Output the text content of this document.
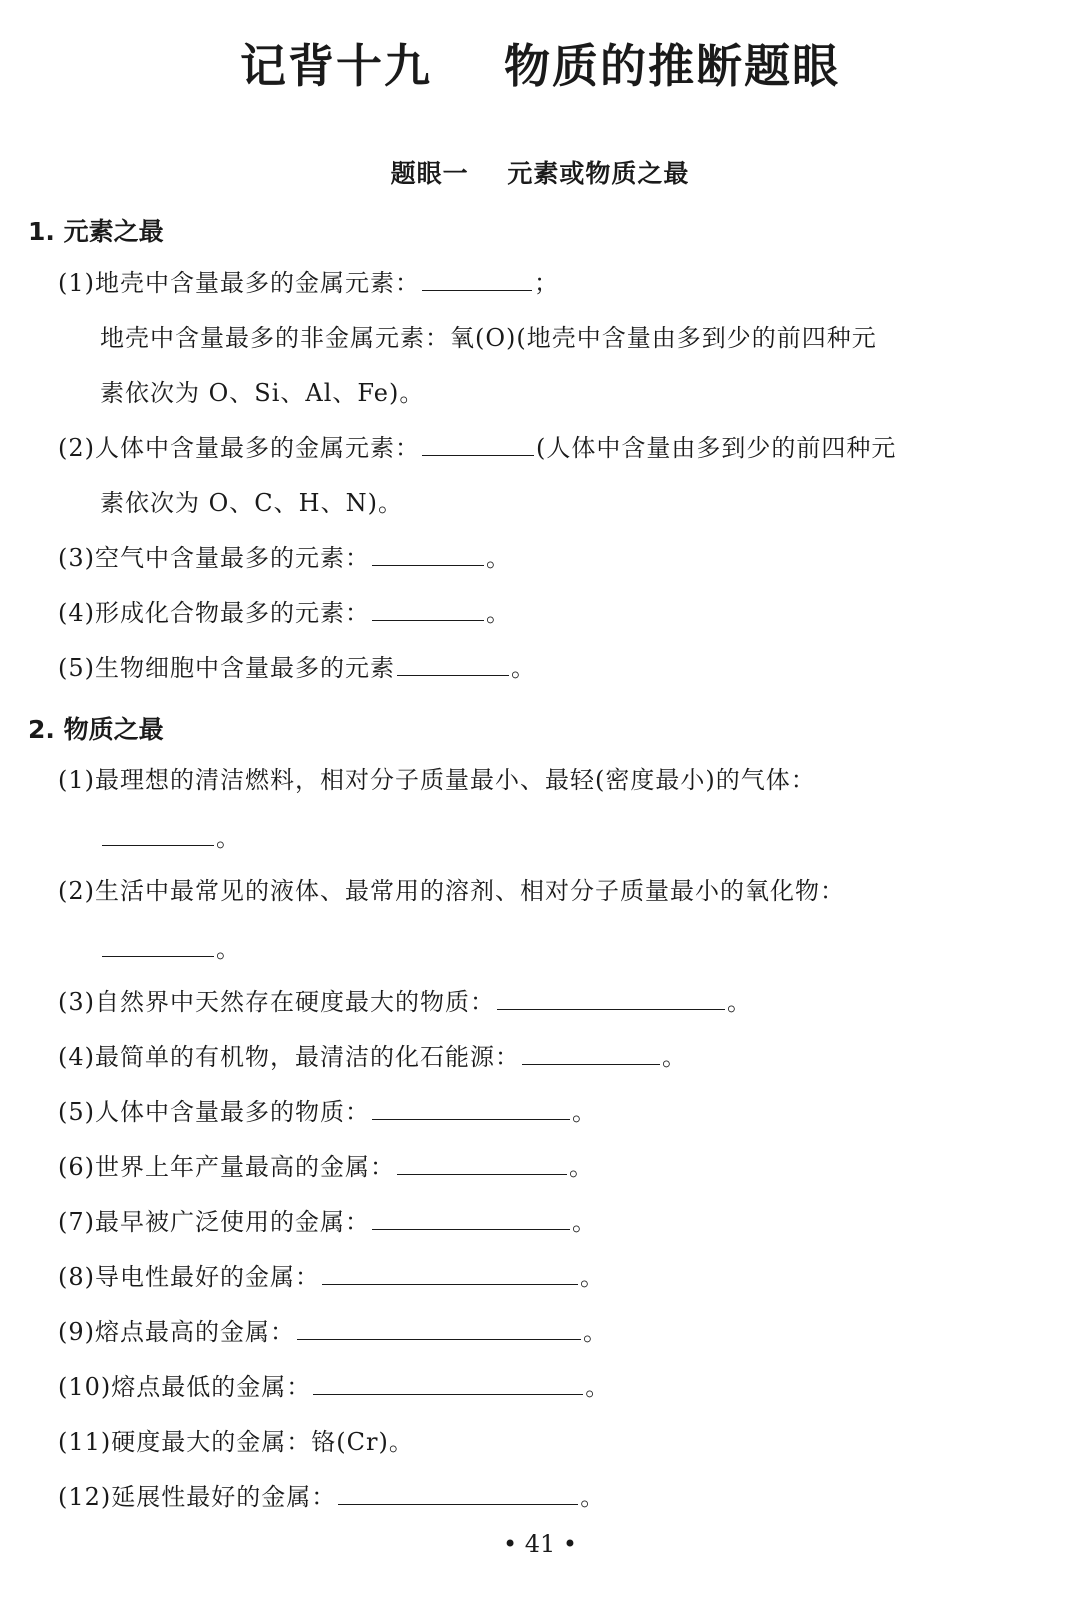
记背十九    物质的推断题眼
题眼一    元素或物质之最
1. 元素之最
(1)地壳中含量最多的金属元素：	；
地壳中含量最多的非金属元素：氧(O)(地壳中含量由多到少的前四种元
素依次为 O、Si、Al、Fe)。
(2)人体中含量最多的金属元素：	(人体中含量由多到少的前四种元
素依次为 O、C、H、N)。
(3)空气中含量最多的元素：	。
(4)形成化合物最多的元素：	。
(5)生物细胞中含量最多的元素	。
2. 物质之最
(1)最理想的清洁燃料，相对分子质量最小、最轻(密度最小)的气体：
。
(2)生活中最常见的液体、最常用的溶剂、相对分子质量最小的氧化物：
。
(3)自然界中天然存在硬度最大的物质：	。
(4)最简单的有机物，最清洁的化石能源：	。
(5)人体中含量最多的物质：	。
(6)世界上年产量最高的金属：	。
(7)最早被广泛使用的金属：	。
(8)导电性最好的金属：	。
(9)熔点最高的金属：	。
(10)熔点最低的金属：	。
(11)硬度最大的金属：铬(Cr)。
(12)延展性最好的金属：	。
• 41 •
